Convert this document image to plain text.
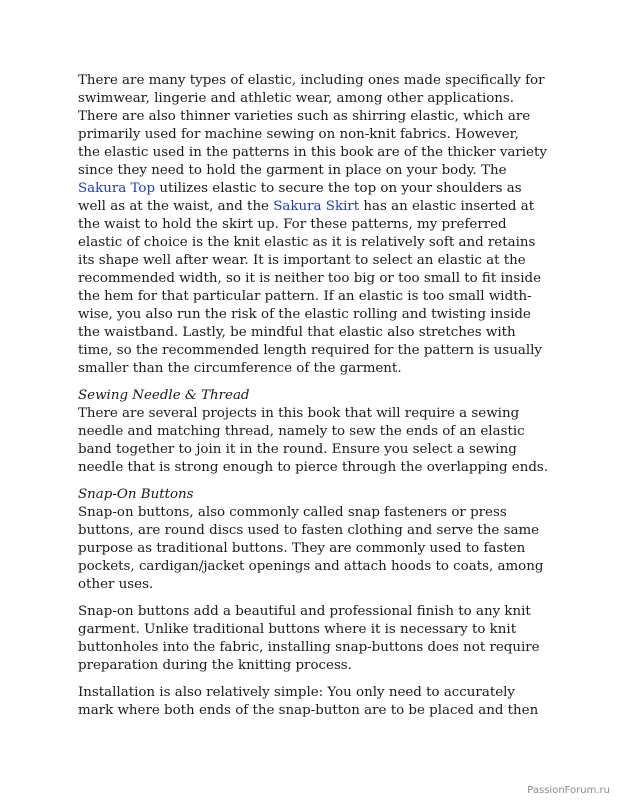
There are many types of elastic, including ones made specifically for
swimwear, lingerie and athletic wear, among other applications.
There are also thinner varieties such as shirring elastic, which are
primarily used for machine sewing on non-knit fabrics. However,
the elastic used in the patterns in this book are of the thicker variety
since they need to hold the garment in place on your body. The
Sakura Top utilizes elastic to secure the top on your shoulders as
well as at the waist, and the Sakura Skirt has an elastic inserted at
the waist to hold the skirt up. For these patterns, my preferred
elastic of choice is the knit elastic as it is relatively soft and retains
its shape well after wear. It is important to select an elastic at the
recommended width, so it is neither too big or too small to fit inside
the hem for that particular pattern. If an elastic is too small width-
wise, you also run the risk of the elastic rolling and twisting inside
the waistband. Lastly, be mindful that elastic also stretches with
time, so the recommended length required for the pattern is usually
smaller than the circumference of the garment.

Sewing Needle & Thread
There are several projects in this book that will require a sewing
needle and matching thread, namely to sew the ends of an elastic
band together to join it in the round. Ensure you select a sewing
needle that is strong enough to pierce through the overlapping ends.

Snap-On Buttons
Snap-on buttons, also commonly called snap fasteners or press
buttons, are round discs used to fasten clothing and serve the same
purpose as traditional buttons. They are commonly used to fasten
pockets, cardigan/jacket openings and attach hoods to coats, among
other uses.

Snap-on buttons add a beautiful and professional finish to any knit
garment. Unlike traditional buttons where it is necessary to knit
buttonholes into the fabric, installing snap-buttons does not require
preparation during the knitting process.

Installation is also relatively simple: You only need to accurately
mark where both ends of the snap-button are to be placed and then

PassionForum.ru
